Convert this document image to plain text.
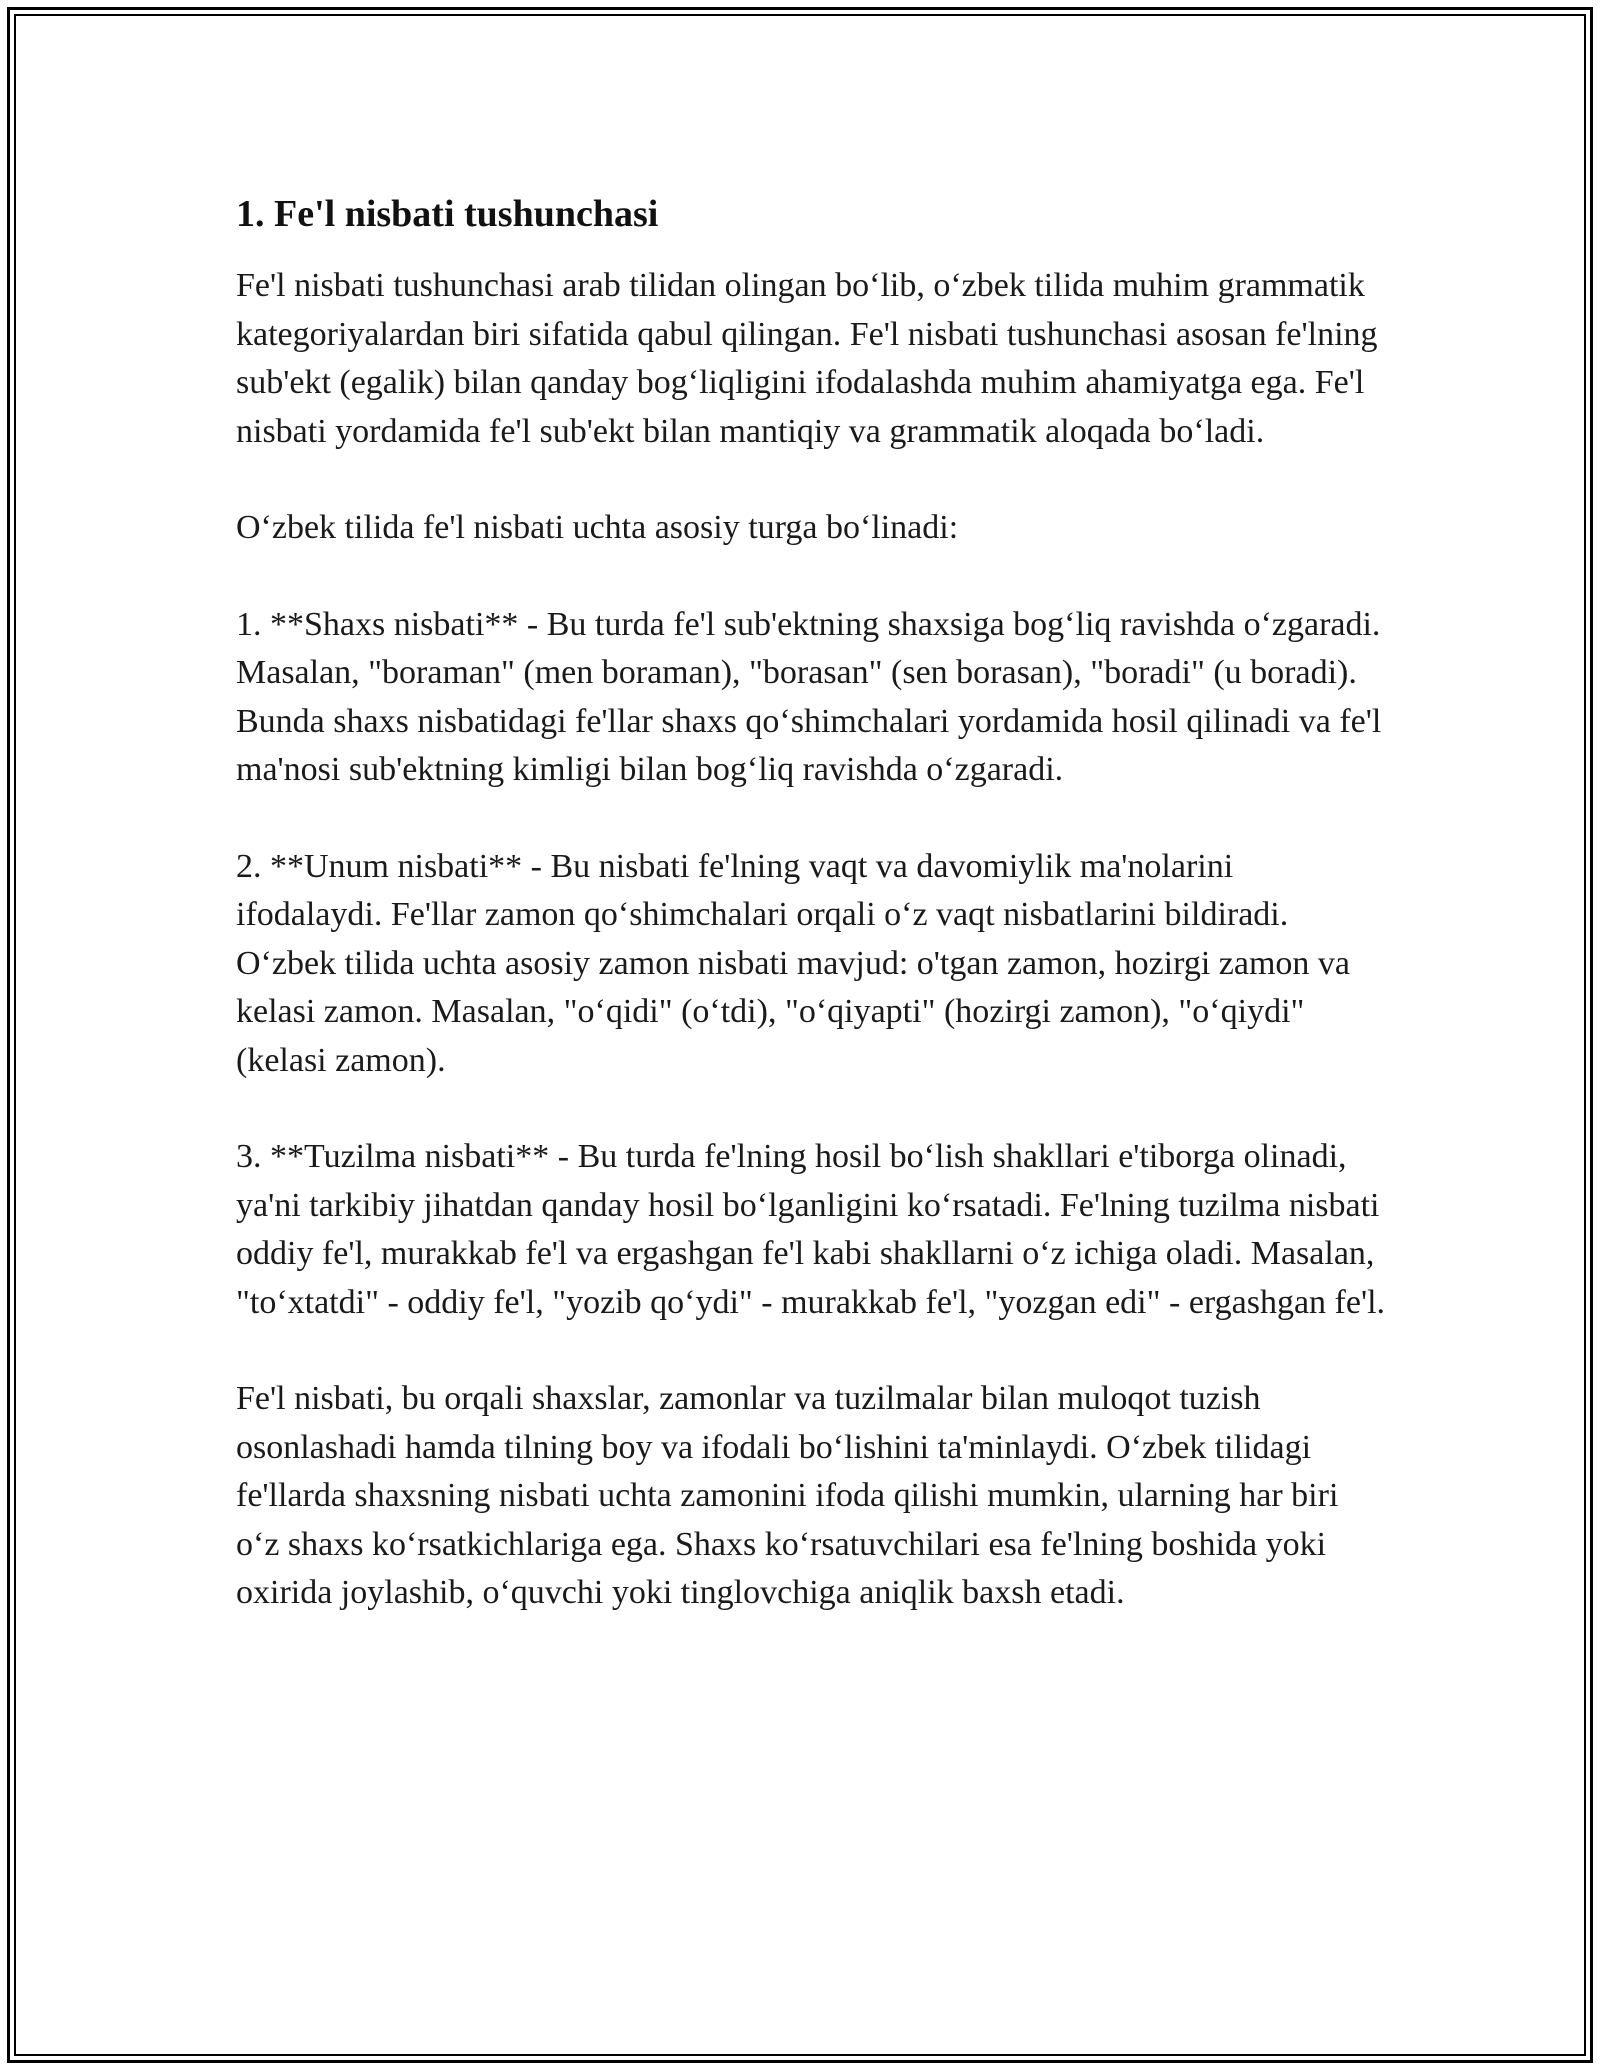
1. Fe'l nisbati tushunchasi

Fe'l nisbati tushunchasi arab tilidan olingan bo‘lib, o‘zbek tilida muhim grammatik kategoriyalardan biri sifatida qabul qilingan. Fe'l nisbati tushunchasi asosan fe'lning sub'ekt (egalik) bilan qanday bog‘liqligini ifodalashda muhim ahamiyatga ega. Fe'l nisbati yordamida fe'l sub'ekt bilan mantiqiy va grammatik aloqada bo‘ladi.

O‘zbek tilida fe'l nisbati uchta asosiy turga bo‘linadi:

1. **Shaxs nisbati** - Bu turda fe'l sub'ektning shaxsiga bog‘liq ravishda o‘zgaradi. Masalan, "boraman" (men boraman), "borasan" (sen borasan), "boradi" (u boradi). Bunda shaxs nisbatidagi fe'llar shaxs qo‘shimchalari yordamida hosil qilinadi va fe'l ma'nosi sub'ektning kimligi bilan bog‘liq ravishda o‘zgaradi.

2. **Unum nisbati** - Bu nisbati fe'lning vaqt va davomiylik ma'nolarini ifodalaydi. Fe'llar zamon qo‘shimchalari orqali o‘z vaqt nisbatlarini bildiradi. O‘zbek tilida uchta asosiy zamon nisbati mavjud: o'tgan zamon, hozirgi zamon va kelasi zamon. Masalan, "o‘qidi" (o‘tdi), "o‘qiyapti" (hozirgi zamon), "o‘qiydi" (kelasi zamon).

3. **Tuzilma nisbati** - Bu turda fe'lning hosil bo‘lish shakllari e'tiborga olinadi, ya'ni tarkibiy jihatdan qanday hosil bo‘lganligini ko‘rsatadi. Fe'lning tuzilma nisbati oddiy fe'l, murakkab fe'l va ergashgan fe'l kabi shakllarni o‘z ichiga oladi. Masalan, "to‘xtatdi" - oddiy fe'l, "yozib qo‘ydi" - murakkab fe'l, "yozgan edi" - ergashgan fe'l.

Fe'l nisbati, bu orqali shaxslar, zamonlar va tuzilmalar bilan muloqot tuzish osonlashadi hamda tilning boy va ifodali bo‘lishini ta'minlaydi. O‘zbek tilidagi fe'llarda shaxsning nisbati uchta zamonini ifoda qilishi mumkin, ularning har biri o‘z shaxs ko‘rsatkichlariga ega. Shaxs ko‘rsatuvchilari esa fe'lning boshida yoki oxirida joylashib, o‘quvchi yoki tinglovchiga aniqlik baxsh etadi.
